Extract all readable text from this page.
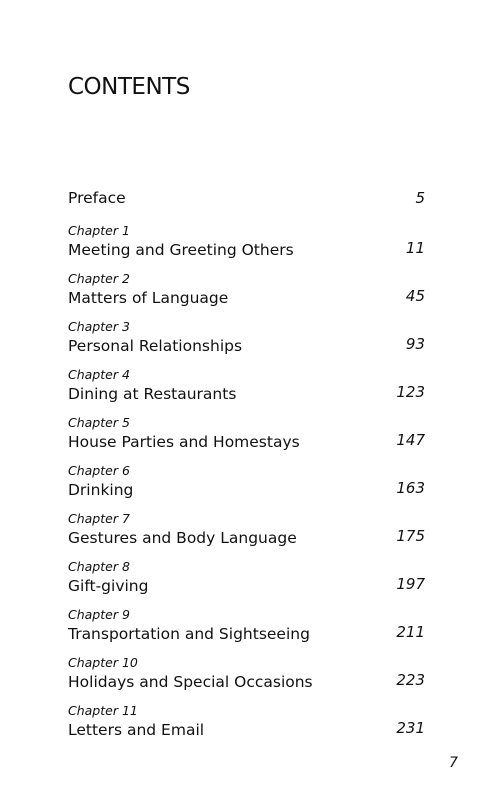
CONTENTS
Preface	5
Chapter 1
Meeting and Greeting Others	11
Chapter 2
Matters of Language	45
Chapter 3
Personal Relationships	93
Chapter 4
Dining at Restaurants	123
Chapter 5
House Parties and Homestays	147
Chapter 6
Drinking	163
Chapter 7
Gestures and Body Language	175
Chapter 8
Gift-giving	197
Chapter 9
Transportation and Sightseeing	211
Chapter 10
Holidays and Special Occasions	223
Chapter 11
Letters and Email	231
7
